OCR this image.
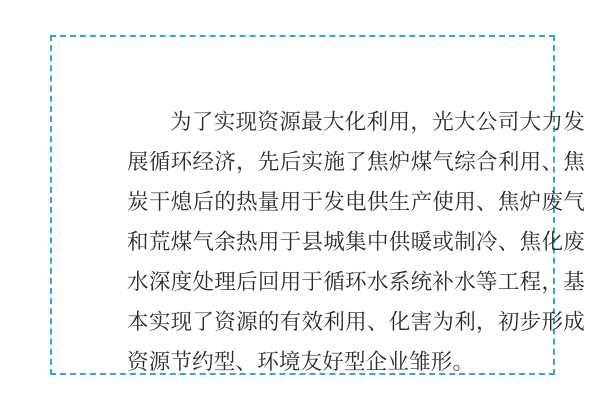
为了实现资源最大化利用，光大公司大力发展循环经济，先后实施了焦炉煤气综合利用、焦炭干熄后的热量用于发电供生产使用、焦炉废气和荒煤气余热用于县城集中供暖或制冷、焦化废水深度处理后回用于循环水系统补水等工程，基本实现了资源的有效利用、化害为利，初步形成资源节约型、环境友好型企业雏形。
